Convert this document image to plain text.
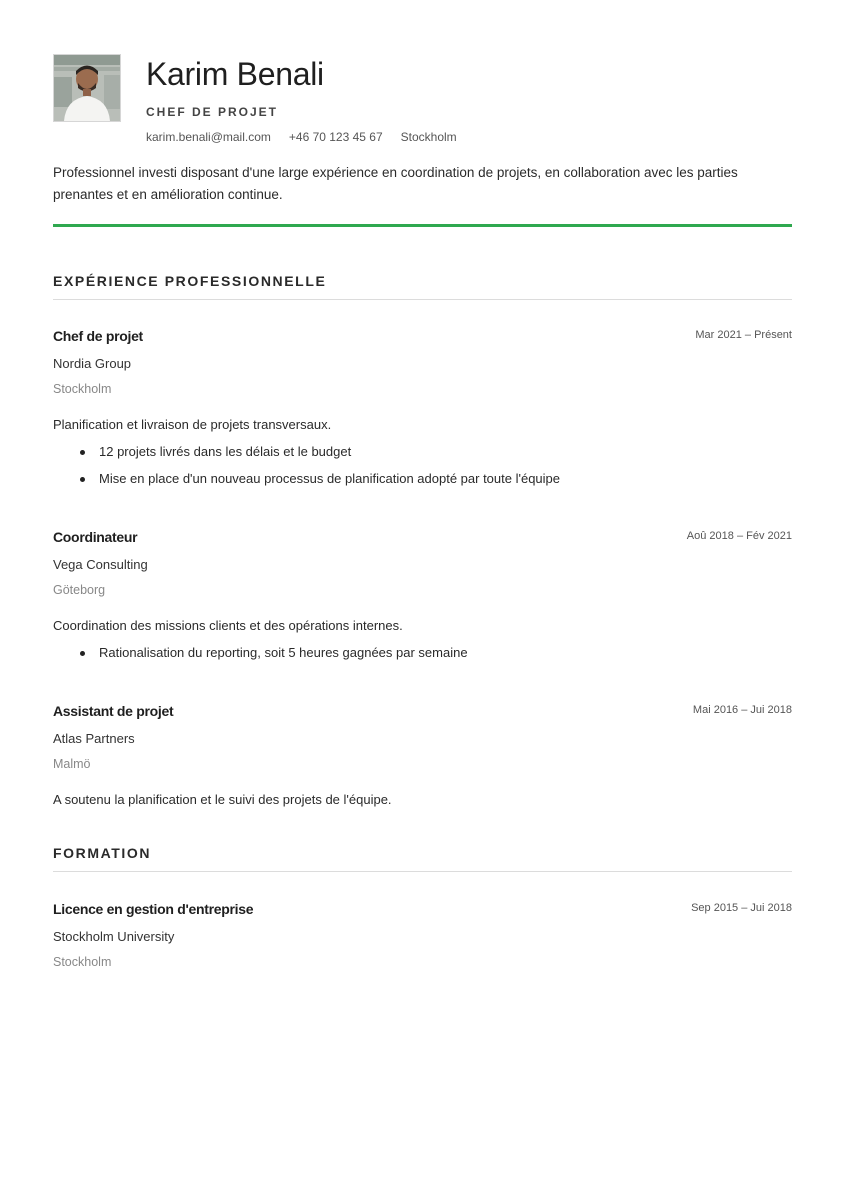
Karim Benali
CHEF DE PROJET
karim.benali@mail.com +46 70 123 45 67 Stockholm

Professionnel investi disposant d'une large expérience en coordination de projets, en collaboration avec les parties prenantes et en amélioration continue.

EXPÉRIENCE PROFESSIONNELLE
Chef de projet	Mar 2021 – Présent
Nordia Group
Stockholm
Planification et livraison de projets transversaux.
12 projets livrés dans les délais et le budget
Mise en place d'un nouveau processus de planification adopté par toute l'équipe
Coordinateur	Aoû 2018 – Fév 2021
Vega Consulting
Göteborg
Coordination des missions clients et des opérations internes.
Rationalisation du reporting, soit 5 heures gagnées par semaine
Assistant de projet	Mai 2016 – Jui 2018
Atlas Partners
Malmö
A soutenu la planification et le suivi des projets de l'équipe.
FORMATION
Licence en gestion d'entreprise	Sep 2015 – Jui 2018
Stockholm University
Stockholm
